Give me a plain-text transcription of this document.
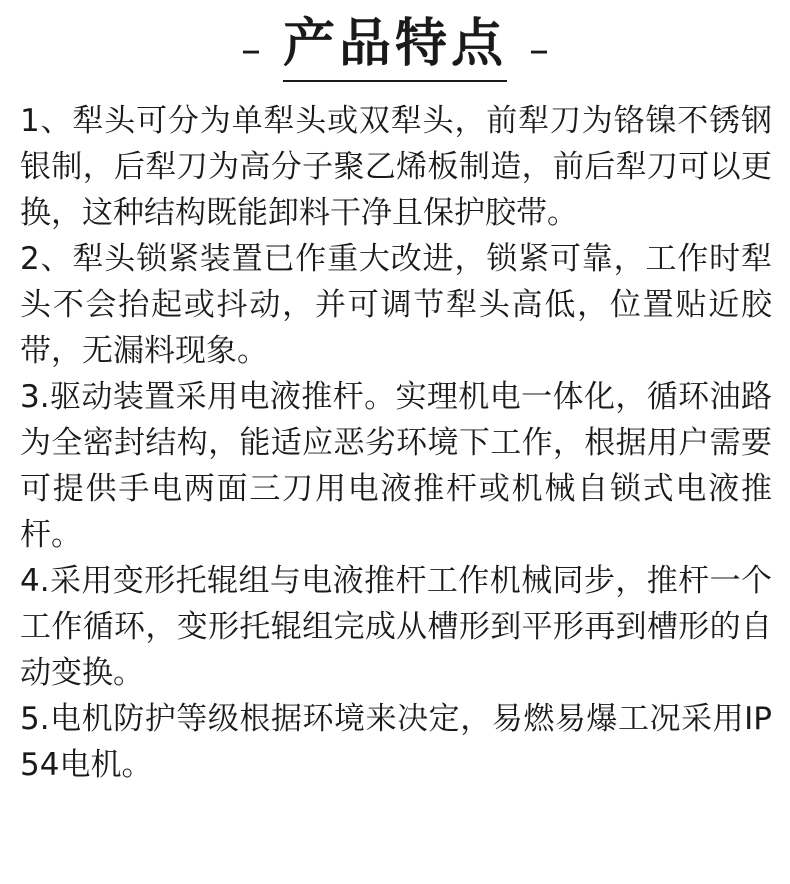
– 产品特点 –

1、犁头可分为单犁头或双犁头，前犁刀为铬镍不锈钢银制，后犁刀为高分子聚乙烯板制造，前后犁刀可以更换，这种结构既能卸料干净且保护胶带。

2、犁头锁紧装置已作重大改进，锁紧可靠，工作时犁头不会抬起或抖动，并可调节犁头高低，位置贴近胶带，无漏料现象。

3.驱动装置采用电液推杆。实理机电一体化，循环油路为全密封结构，能适应恶劣环境下工作，根据用户需要可提供手电两面三刀用电液推杆或机械自锁式电液推杆。

4.采用变形托辊组与电液推杆工作机械同步，推杆一个工作循环，变形托辊组完成从槽形到平形再到槽形的自动变换。

5.电机防护等级根据环境来决定，易燃易爆工况采用IP54电机。
